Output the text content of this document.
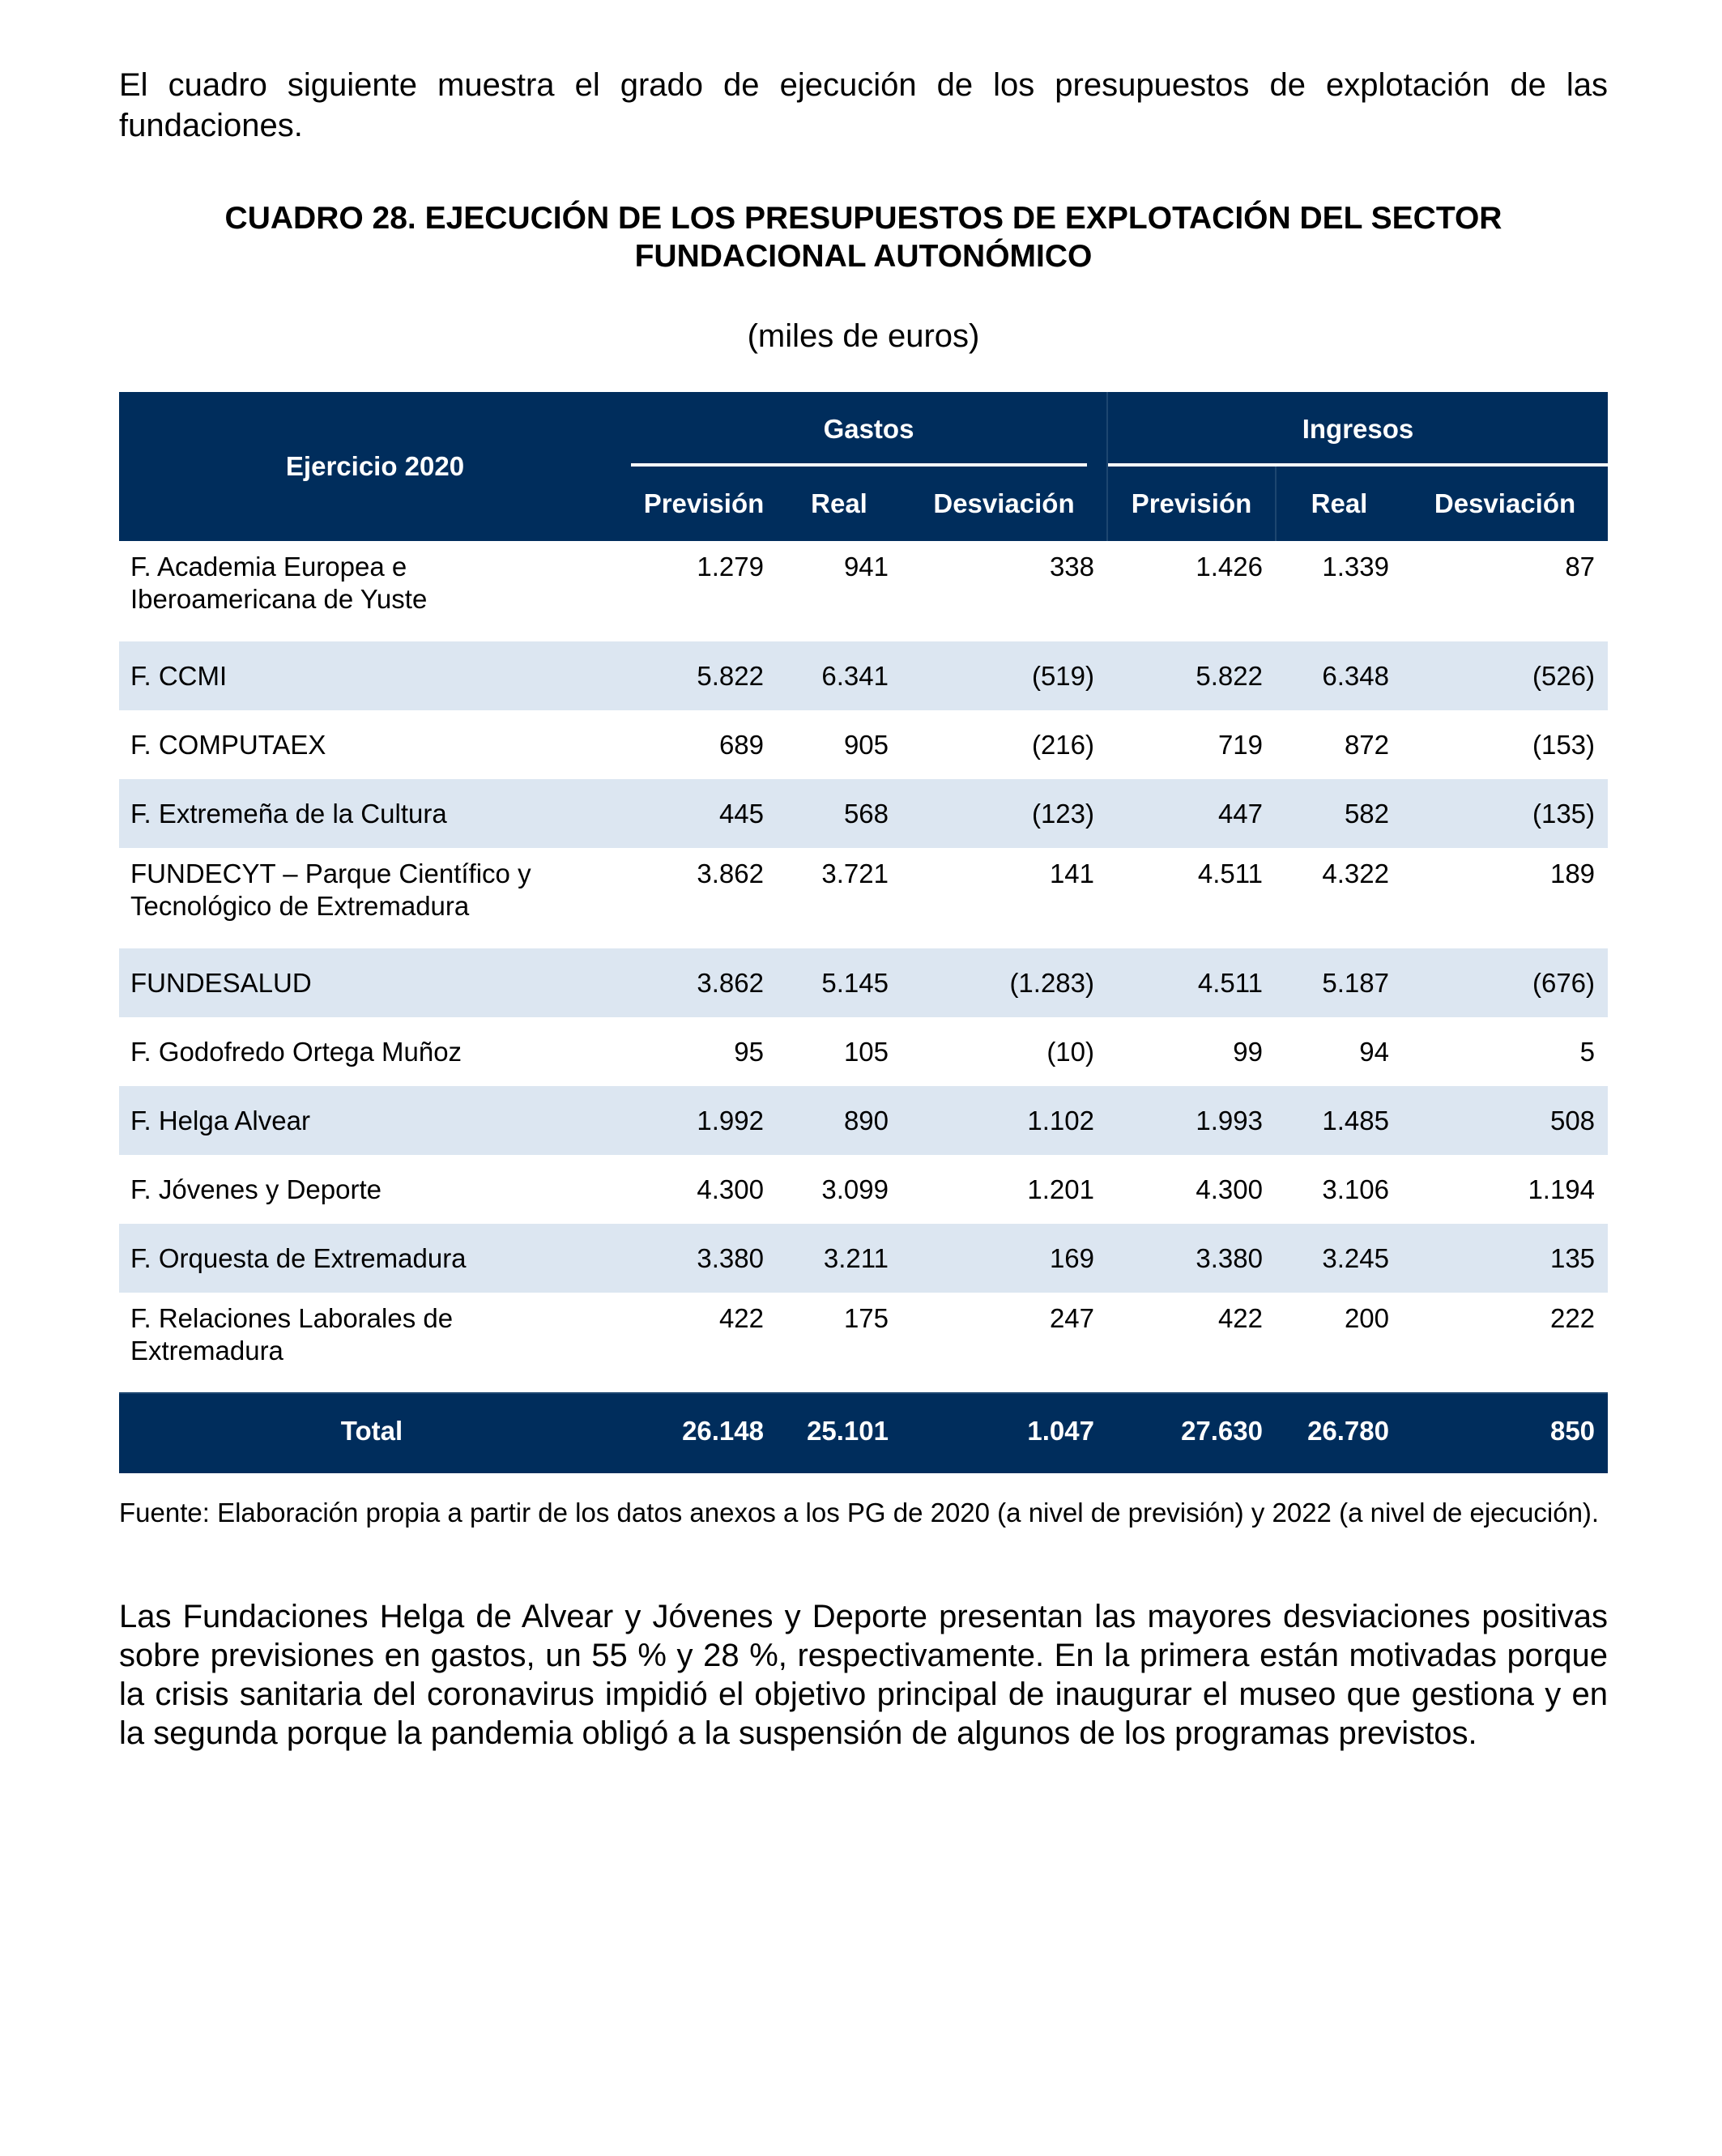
El cuadro siguiente muestra el grado de ejecución de los presupuestos de explotación de las fundaciones.

CUADRO 28. EJECUCIÓN DE LOS PRESUPUESTOS DE EXPLOTACIÓN DEL SECTOR
FUNDACIONAL AUTONÓMICO
(miles de euros)
Ejercicio 2020	Gastos			Ingresos		

	Previsión	Real	Desviación	Previsión	Real	Desviación

F. Academia Europea e
Iberoamericana de Yuste	1.279	941	338	1.426	1.339	87
F. CCMI	5.822	6.341	(519)	5.822	6.348	(526)
F. COMPUTAEX	689	905	(216)	719	872	(153)
F. Extremeña de la Cultura	445	568	(123)	447	582	(135)

FUNDECYT – Parque Científico y
Tecnológico de Extremadura	3.862	3.721	141	4.511	4.322	189
FUNDESALUD	3.862	5.145	(1.283)	4.511	5.187	(676)
F. Godofredo Ortega Muñoz	95	105	(10)	99	94	5
F. Helga Alvear	1.992	890	1.102	1.993	1.485	508
F. Jóvenes y Deporte	4.300	3.099	1.201	4.300	3.106	1.194
F. Orquesta de Extremadura	3.380	3.211	169	3.380	3.245	135

F. Relaciones Laborales de
Extremadura	422	175	247	422	200	222
Total	26.148	25.101	1.047	27.630	26.780	850

Fuente: Elaboración propia a partir de los datos anexos a los PG de 2020 (a nivel de previsión) y 2022 (a nivel de ejecución).

Las Fundaciones Helga de Alvear y Jóvenes y Deporte presentan las mayores desviaciones positivas sobre previsiones en gastos, un 55 % y 28 %, respectivamente. En la primera están motivadas porque la crisis sanitaria del coronavirus impidió el objetivo principal de inaugurar el museo que gestiona y en la segunda porque la pandemia obligó a la suspensión de algunos de los programas previstos.
